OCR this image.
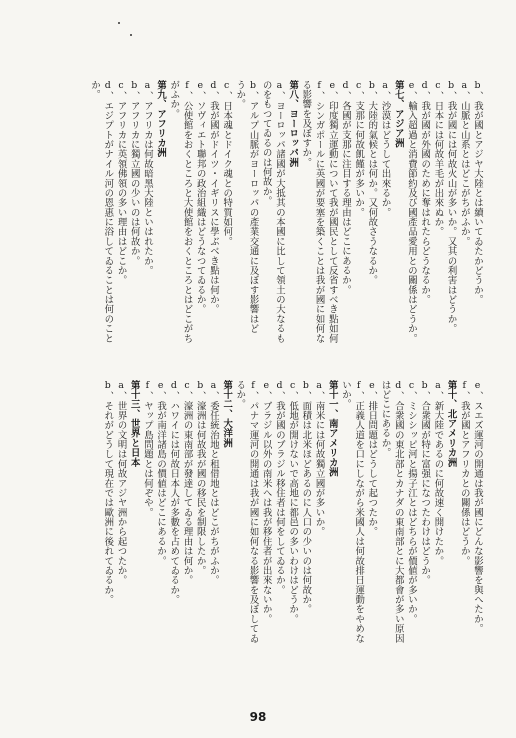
b、我が國とアジヤ大陸とは續いてゐたかどうか。
a、山脈と山系とはどこがちがふか。
b、我が國には何故火山が多いか。又其の利害はどうか。
c、日本には何故羊毛が出來ぬか。
d、我が國が外國のために奪はれたらどうなるか。
e、輸入超過と消費節約及び國產品愛用との關係はどうか。
第七、アジア洲
a、沙漠はどうして出來るか。
b、大陸的氣候とは何か。又何故さうなるか。
c、支那に何故飢饉が多いか。
d、各國が支那に注目する理由はどこにあるか。
e、印度獨立運動について我が國民として反省すべき點如何
f、シンガポールに英國が要塞を築くことは我が國に如何な
る影響を及ぼすか。
第八、ヨーロッパ洲
a、ヨーロッパ諸國が大抵其の本國に比して領土の大なるも
のをもつてゐるのは何故か。
b、アルプ山脈がヨーロッパの產業交通に及ぼす影響はど
うか。
c、日本魂とドイク魂との特質如何。
d、我が國がドイツ・イギリスに學ぶべき點は何か。
e、ソヴィエト聯邦の政治組織はどうなつてゐるか。
f、公使館をおくところと大使館をおくところとはどこがち
がふか。
第九、アフリカ洲
a、アフリカは何故暗黑大陸といはれたか。
b、アフリカに獨立國の少いのは何故か。
c、アフリカに英領佛領の多い理由はどこか。
d、エジプトがナイル河の恩惠に浴してゐることは何のこと
か。
e、スエズ運河の開通は我が國にどんな影響を與へたか。
f、我が國とアフリカとの關係はどうか。
第十、北アメリカ洲
a、新大陸であるのに何故速く開けたか。
b、合衆國が特に富强になつたわけはどうか。
c、ミシシッピ河と揚子江とはどちらが價値が多いか。
d、合衆國の東北部とカナダの東南部とに大都會が多い原因
はどこにあるか。
e、排日問題はどうして起つたか。
f、正義人道を口にしながら米國人は何故排日運動をやめな
いか。
第十一、南アメリカ洲
a、南米には何故獨立國が多いか。
b、面積は北米ほどあるのに人口の少いのは何故か。
c、低地が開けないで高地に都邑の多いわけはどうか。
d、我が國のブラジル移住者は何をしてゐるか。
e、ブラジル以外の南米へは我が移住者が出來ないか。
f、パナマ運河の開通は我が國に如何なる影響を及ぼしてゐ
るか。
第十二、大洋洲
a、委任統治地と租借地とはどこがちがふか。
b、濠洲は何故我が國の移民を制限したか。
c、濠洲の東南部が發達してゐる理由は何か。
d、ハワイには何故日本人が多數を占めてゐるか。
e、我が南洋諸島の價値はどこにあるか。
f、ヤップ島問題とは何ぞや。
第十三、世界と日本
a、世界の文明は何故アジヤ洲から起つたか。
b、それがどうして現在では歐洲に後れてゐるか。
98
